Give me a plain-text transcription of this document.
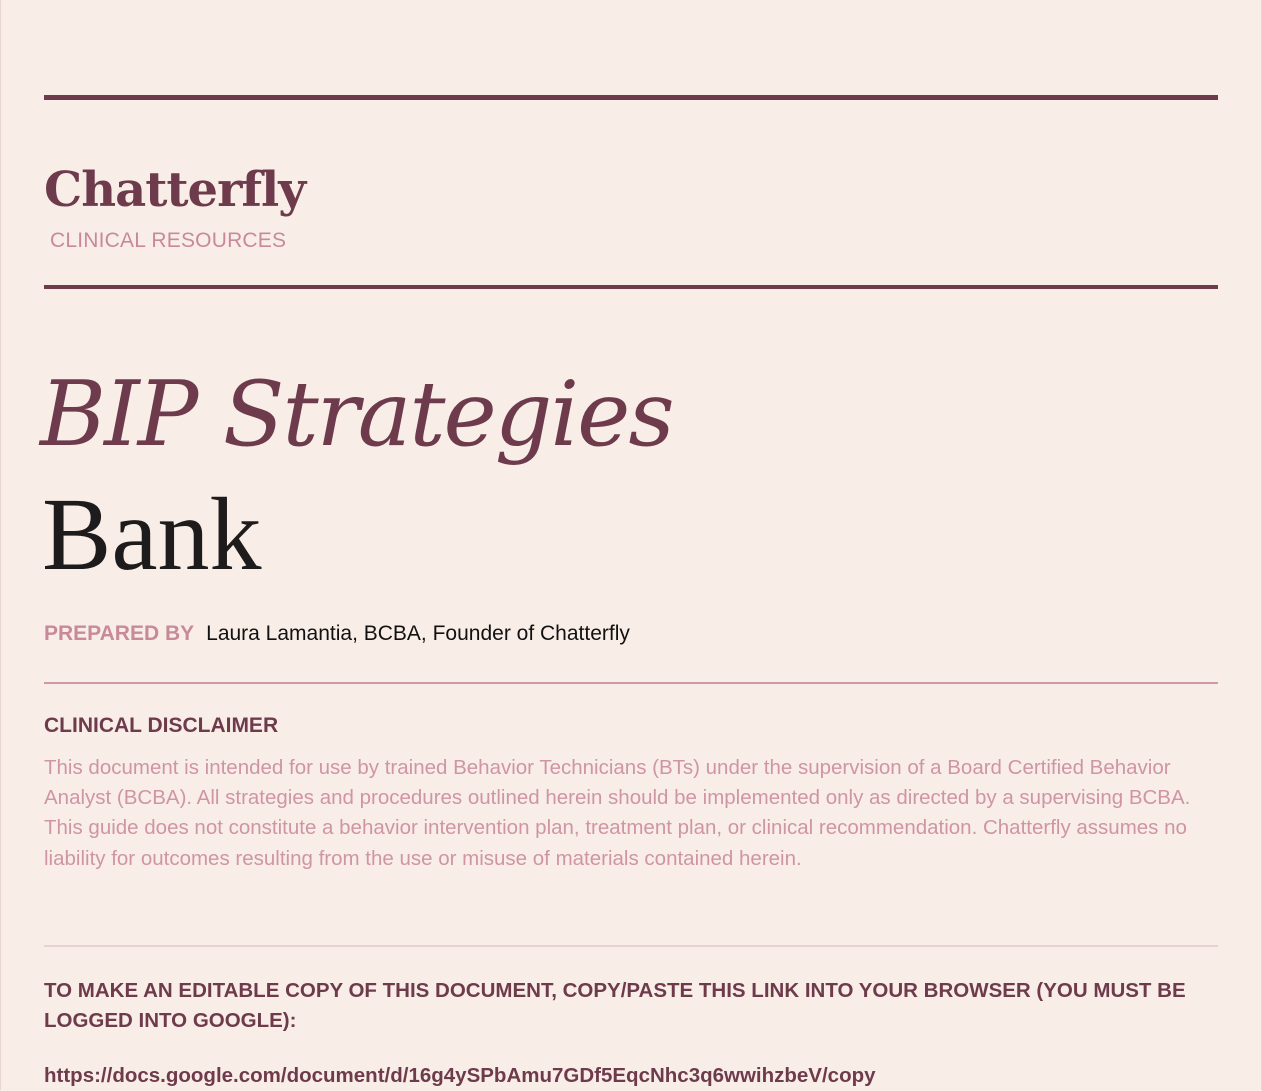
Chatterfly
CLINICAL RESOURCES
BIP Strategies
Bank
PREPARED BY Laura Lamantia, BCBA, Founder of Chatterfly
CLINICAL DISCLAIMER

This document is intended for use by trained Behavior Technicians (BTs) under the supervision of a Board Certified Behavior Analyst (BCBA). All strategies and procedures outlined herein should be implemented only as directed by a supervising BCBA. This guide does not constitute a behavior intervention plan, treatment plan, or clinical recommendation. Chatterfly assumes no liability for outcomes resulting from the use or misuse of materials contained herein.

TO MAKE AN EDITABLE COPY OF THIS DOCUMENT, COPY/PASTE THIS LINK INTO YOUR BROWSER (YOU MUST BE LOGGED INTO GOOGLE):

https://docs.google.com/document/d/16g4ySPbAmu7GDf5EqcNhc3q6wwihzbeV/copy
